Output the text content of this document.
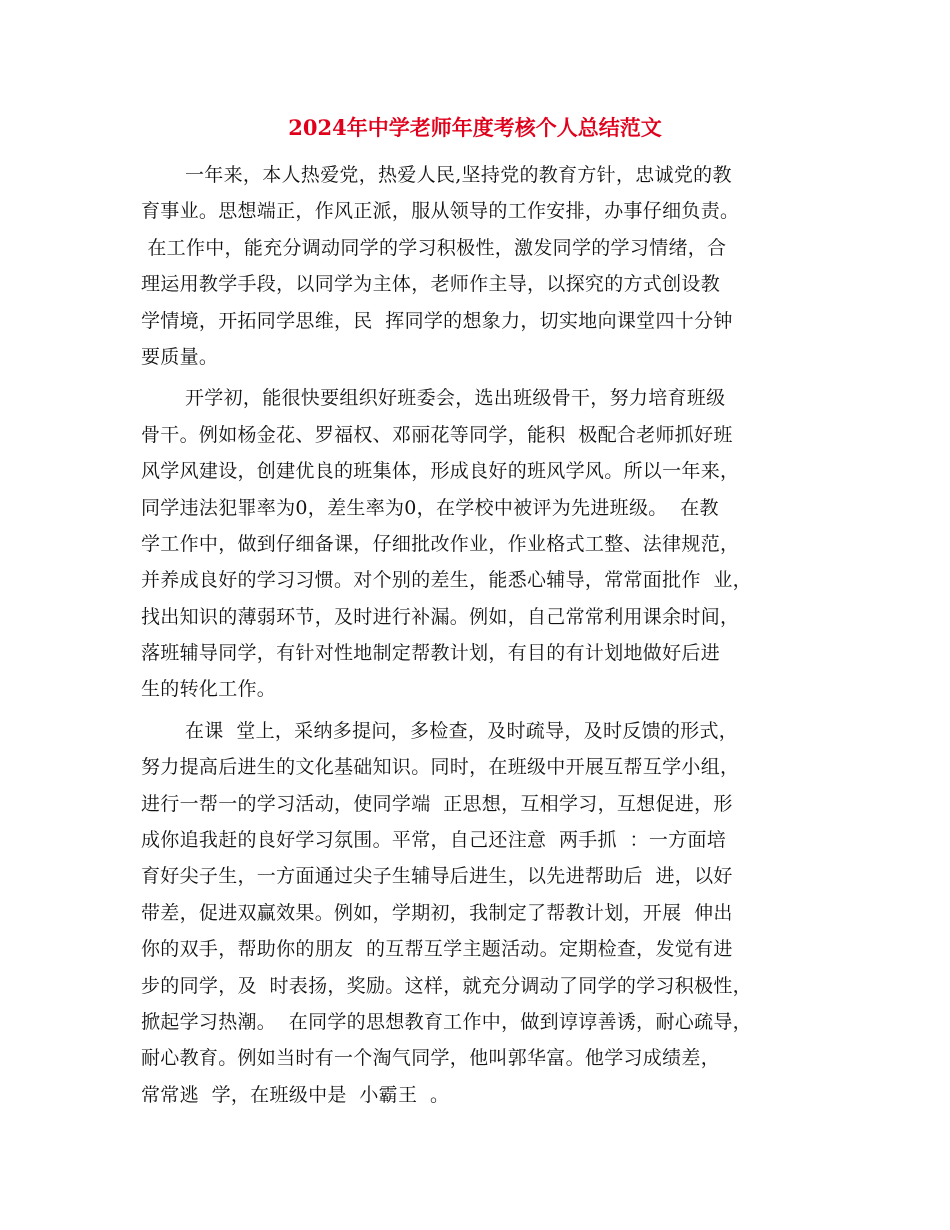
2024年中学老师年度考核个人总结范文
一年来，本人热爱党，热爱人民,坚持党的教育方针，忠诚党的教
育事业。思想端正，作风正派，服从领导的工作安排，办事仔细负责。
在工作中，能充分调动同学的学习积极性，激发同学的学习情绪，合
理运用教学手段，以同学为主体，老师作主导，以探究的方式创设教
学情境，开拓同学思维，民  挥同学的想象力，切实地向课堂四十分钟
要质量。
开学初，能很快要组织好班委会，选出班级骨干，努力培育班级
骨干。例如杨金花、罗福权、邓丽花等同学，能积  极配合老师抓好班
风学风建设，创建优良的班集体，形成良好的班风学风。所以一年来，
同学违法犯罪率为0，差生率为0，在学校中被评为先进班级。  在教
学工作中，做到仔细备课，仔细批改作业，作业格式工整、法律规范，
并养成良好的学习习惯。对个别的差生，能悉心辅导，常常面批作  业，
找出知识的薄弱环节，及时进行补漏。例如，自己常常利用课余时间，
落班辅导同学，有针对性地制定帮教计划，有目的有计划地做好后进
生的转化工作。
在课  堂上，采纳多提问，多检查，及时疏导，及时反馈的形式，
努力提高后进生的文化基础知识。同时，在班级中开展互帮互学小组，
进行一帮一的学习活动，使同学端  正思想，互相学习，互想促进，形
成你追我赶的良好学习氛围。平常，自己还注意  两手抓  ：一方面培
育好尖子生，一方面通过尖子生辅导后进生，以先进帮助后  进，以好
带差，促进双赢效果。例如，学期初，我制定了帮教计划，开展  伸出
你的双手，帮助你的朋友  的互帮互学主题活动。定期检查，发觉有进
步的同学，及  时表扬，奖励。这样，就充分调动了同学的学习积极性，
掀起学习热潮。  在同学的思想教育工作中，做到谆谆善诱，耐心疏导，
耐心教育。例如当时有一个淘气同学，他叫郭华富。他学习成绩差，
常常逃  学，在班级中是  小霸王  。
